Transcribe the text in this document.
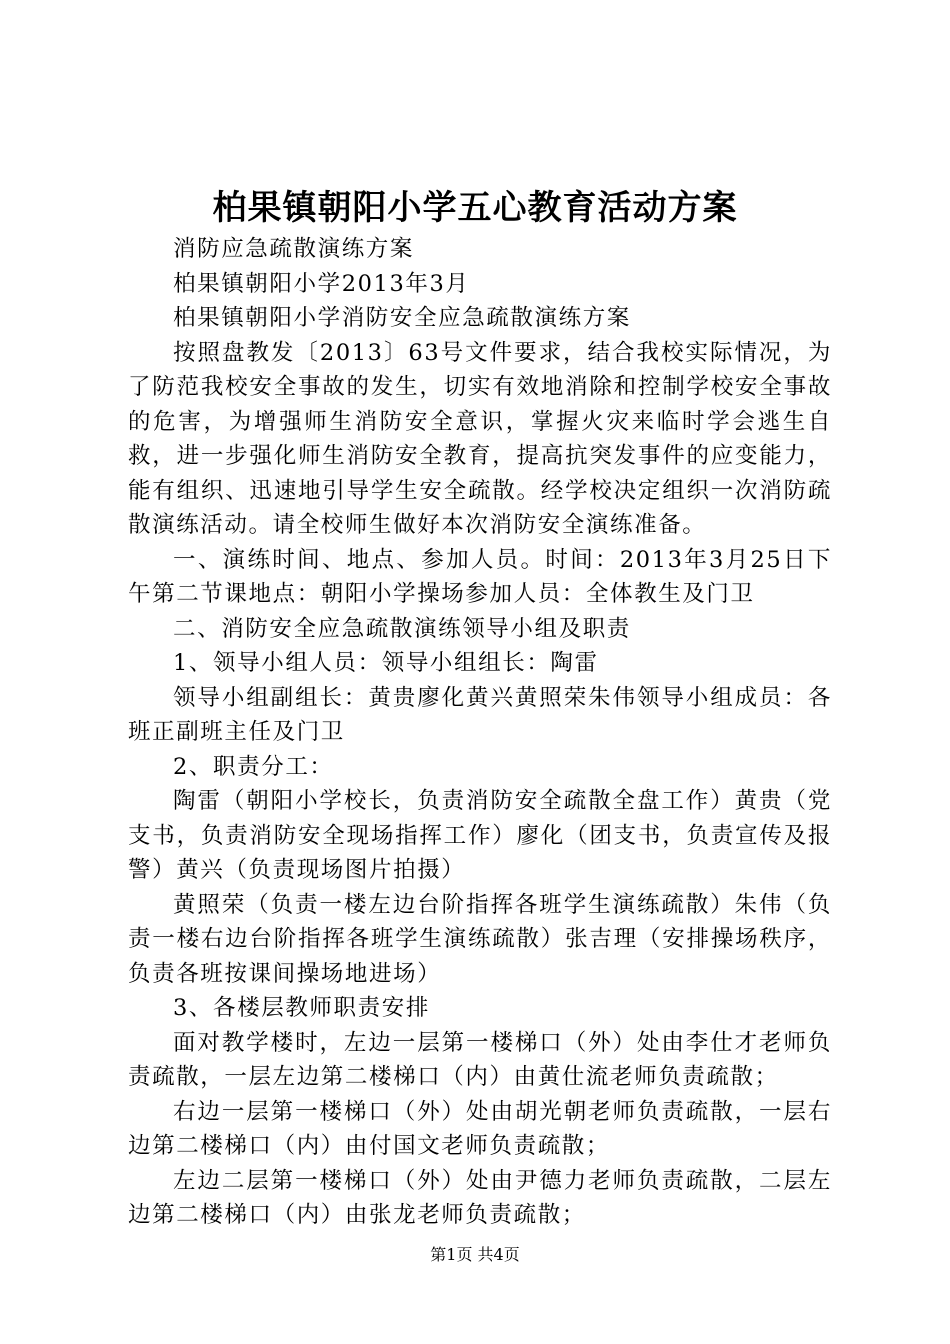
柏果镇朝阳小学五心教育活动方案

消防应急疏散演练方案

柏果镇朝阳小学2013年3月

柏果镇朝阳小学消防安全应急疏散演练方案

按照盘教发〔2013〕63号文件要求，结合我校实际情况，为了防范我校安全事故的发生，切实有效地消除和控制学校安全事故的危害，为增强师生消防安全意识，掌握火灾来临时学会逃生自救，进一步强化师生消防安全教育，提高抗突发事件的应变能力，能有组织、迅速地引导学生安全疏散。经学校决定组织一次消防疏散演练活动。请全校师生做好本次消防安全演练准备。

一、演练时间、地点、参加人员。时间：2013年3月25日下午第二节课地点：朝阳小学操场参加人员：全体教生及门卫

二、消防安全应急疏散演练领导小组及职责

1、领导小组人员：领导小组组长：陶雷

领导小组副组长：黄贵廖化黄兴黄照荣朱伟领导小组成员：各班正副班主任及门卫

2、职责分工：

陶雷（朝阳小学校长，负责消防安全疏散全盘工作）黄贵（党支书，负责消防安全现场指挥工作）廖化（团支书，负责宣传及报警）黄兴（负责现场图片拍摄）

黄照荣（负责一楼左边台阶指挥各班学生演练疏散）朱伟（负责一楼右边台阶指挥各班学生演练疏散）张吉理（安排操场秩序，负责各班按课间操场地进场）

3、各楼层教师职责安排

面对教学楼时，左边一层第一楼梯口（外）处由李仕才老师负责疏散，一层左边第二楼梯口（内）由黄仕流老师负责疏散；

右边一层第一楼梯口（外）处由胡光朝老师负责疏散，一层右边第二楼梯口（内）由付国文老师负责疏散；

左边二层第一楼梯口（外）处由尹德力老师负责疏散，二层左边第二楼梯口（内）由张龙老师负责疏散；

第1页 共4页
